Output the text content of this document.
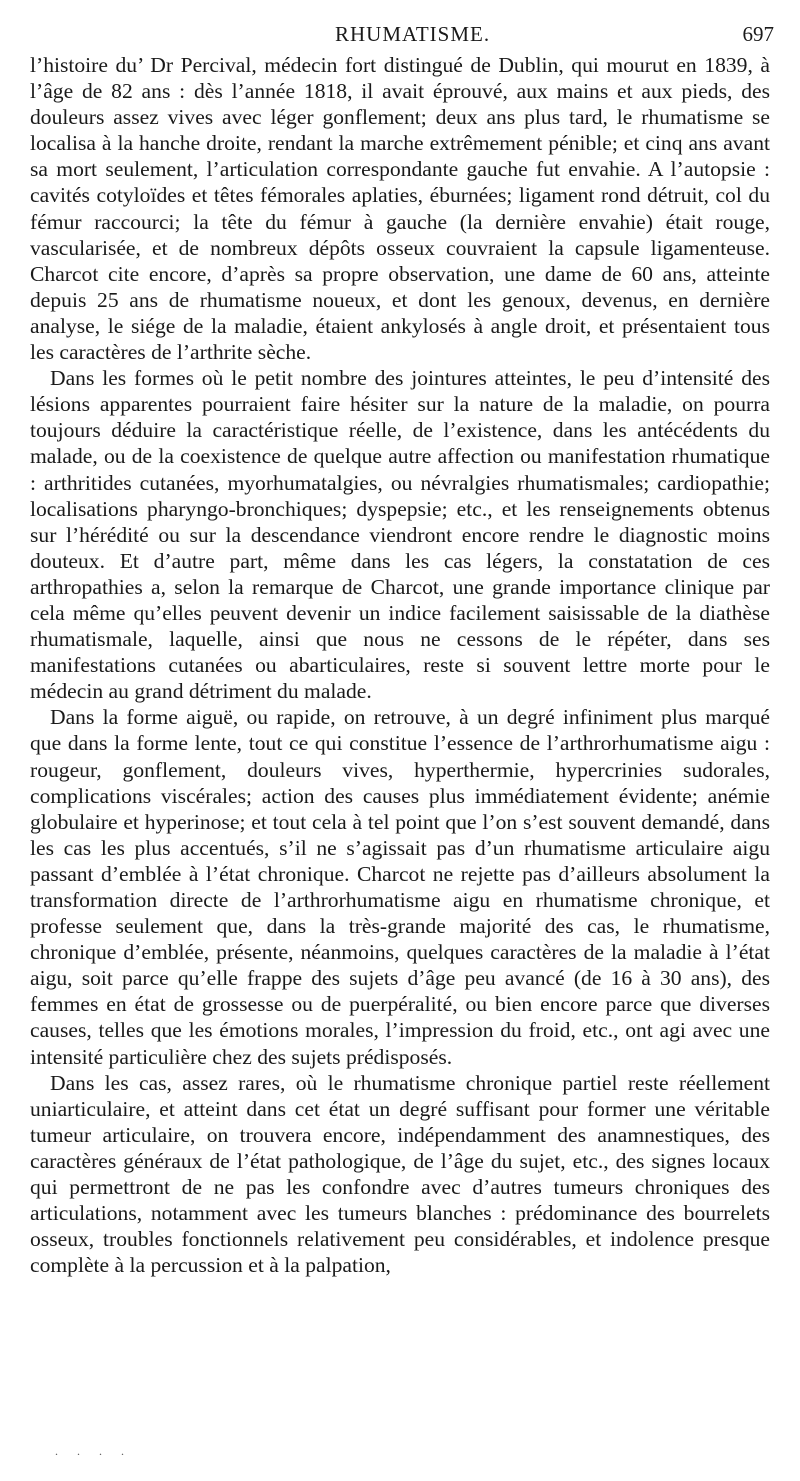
RHUMATISME.	697

l’histoire du’ Dr Percival, médecin fort distingué de Dublin, qui mourut en 1839, à l’âge de 82 ans : dès l’année 1818, il avait éprouvé, aux mains et aux pieds, des douleurs assez vives avec léger gonflement; deux ans plus tard, le rhumatisme se localisa à la hanche droite, rendant la marche extrêmement pénible; et cinq ans avant sa mort seulement, l’articulation correspondante gauche fut envahie. A l’autopsie : cavités cotyloïdes et têtes fémorales aplaties, éburnées; ligament rond détruit, col du fémur raccourci; la tête du fémur à gauche (la dernière envahie) était rouge, vascularisée, et de nombreux dépôts osseux couvraient la capsule ligamenteuse. Charcot cite encore, d’après sa propre observation, une dame de 60 ans, atteinte depuis 25 ans de rhumatisme noueux, et dont les genoux, devenus, en dernière analyse, le siége de la maladie, étaient ankylosés à angle droit, et présentaient tous les caractères de l’arthrite sèche.

Dans les formes où le petit nombre des jointures atteintes, le peu d’intensité des lésions apparentes pourraient faire hésiter sur la nature de la maladie, on pourra toujours déduire la caractéristique réelle, de l’existence, dans les antécédents du malade, ou de la coexistence de quelque autre affection ou manifestation rhumatique : arthritides cutanées, myorhumatalgies, ou névralgies rhumatismales; cardiopathie; localisations pharyngo-bronchiques; dyspepsie; etc., et les renseignements obtenus sur l’hérédité ou sur la descendance viendront encore rendre le diagnostic moins douteux. Et d’autre part, même dans les cas légers, la constatation de ces arthropathies a, selon la remarque de Charcot, une grande importance clinique par cela même qu’elles peuvent devenir un indice facilement saisissable de la diathèse rhumatismale, laquelle, ainsi que nous ne cessons de le répéter, dans ses manifestations cutanées ou abarticulaires, reste si souvent lettre morte pour le médecin au grand détriment du malade.

Dans la forme aiguë, ou rapide, on retrouve, à un degré infiniment plus marqué que dans la forme lente, tout ce qui constitue l’essence de l’arthrorhumatisme aigu : rougeur, gonflement, douleurs vives, hyperthermie, hypercrinies sudorales, complications viscérales; action des causes plus immédiatement évidente; anémie globulaire et hyperinose; et tout cela à tel point que l’on s’est souvent demandé, dans les cas les plus accentués, s’il ne s’agissait pas d’un rhumatisme articulaire aigu passant d’emblée à l’état chronique. Charcot ne rejette pas d’ailleurs absolument la transformation directe de l’arthrorhumatisme aigu en rhumatisme chronique, et professe seulement que, dans la très-grande majorité des cas, le rhumatisme, chronique d’emblée, présente, néanmoins, quelques caractères de la maladie à l’état aigu, soit parce qu’elle frappe des sujets d’âge peu avancé (de 16 à 30 ans), des femmes en état de grossesse ou de puerpéralité, ou bien encore parce que diverses causes, telles que les émotions morales, l’impression du froid, etc., ont agi avec une intensité particulière chez des sujets prédisposés.

Dans les cas, assez rares, où le rhumatisme chronique partiel reste réellement uniarticulaire, et atteint dans cet état un degré suffisant pour former une véritable tumeur articulaire, on trouvera encore, indépendamment des anamnestiques, des caractères généraux de l’état pathologique, de l’âge du sujet, etc., des signes locaux qui permettront de ne pas les confondre avec d’autres tumeurs chroniques des articulations, notamment avec les tumeurs blanches : prédominance des bourrelets osseux, troubles fonctionnels relativement peu considérables, et indolence presque complète à la percussion et à la palpation,

. . . .
